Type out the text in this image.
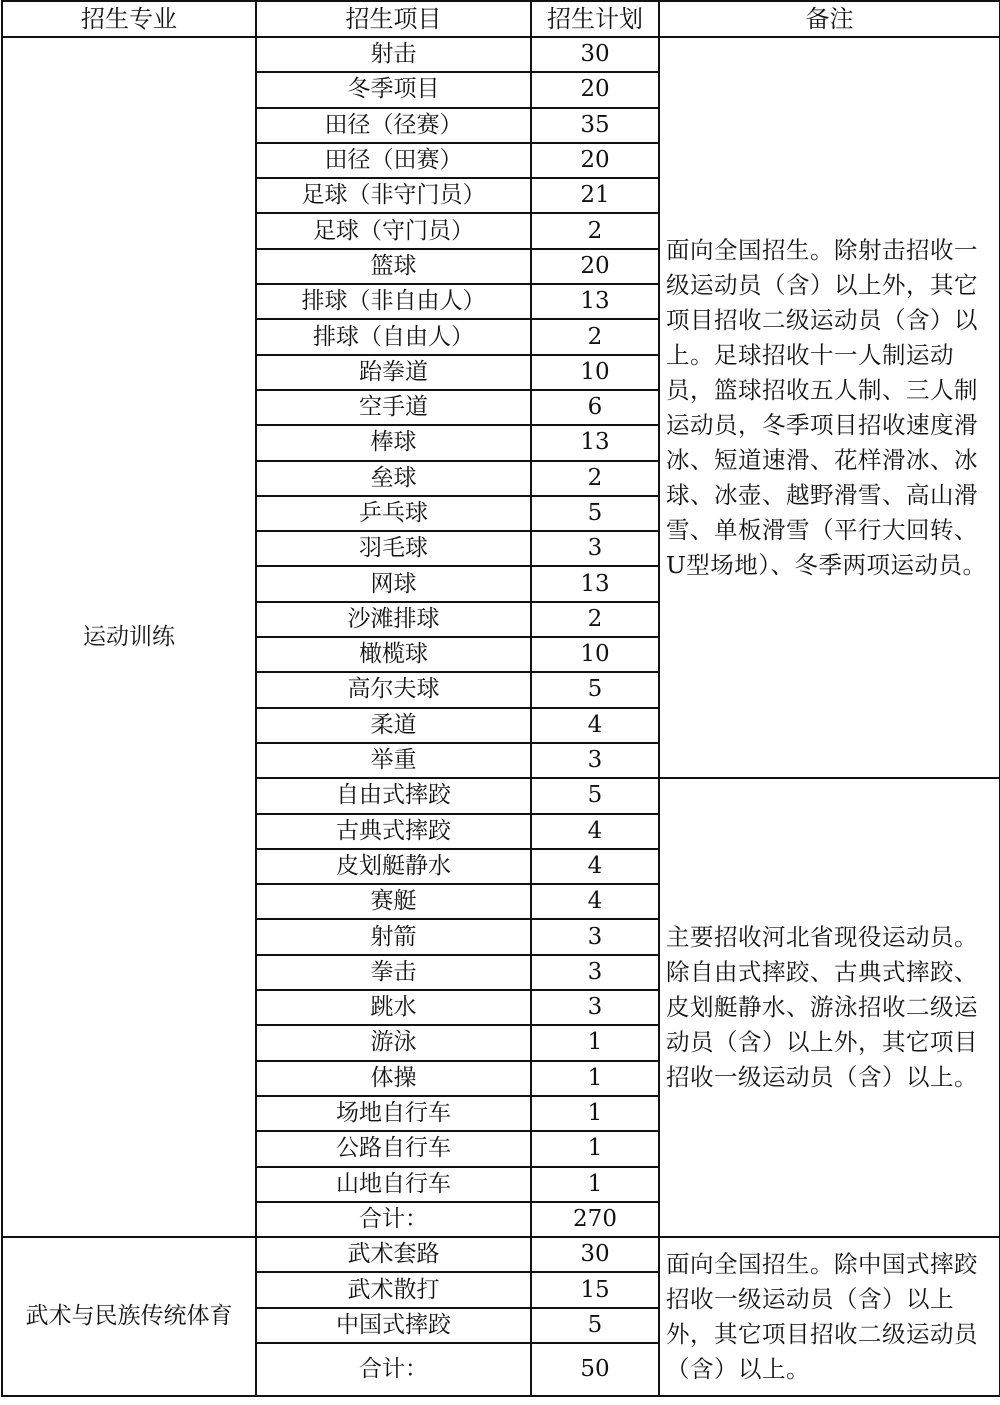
招生专业	招生项目	招生计划	备注
运动训练	射击	30	面向全国招生。除射击招收一级运动员（含）以上外，其它项目招收二级运动员（含）以上。足球招收十一人制运动员，篮球招收五人制、三人制运动员，冬季项目招收速度滑冰、短道速滑、花样滑冰、冰球、冰壶、越野滑雪、高山滑雪、单板滑雪（平行大回转、U型场地）、冬季两项运动员。
	冬季项目	20	
	田径（径赛）	35	
	田径（田赛）	20	
	足球（非守门员）	21	
	足球（守门员）	2	
	篮球	20	
	排球（非自由人）	13	
	排球（自由人）	2	
	跆拳道	10	
	空手道	6	
	棒球	13	
	垒球	2	
	乒乓球	5	
	羽毛球	3	
	网球	13	
	沙滩排球	2	
	橄榄球	10	
	高尔夫球	5	
	柔道	4	
	举重	3	
	自由式摔跤	5	主要招收河北省现役运动员。除自由式摔跤、古典式摔跤、皮划艇静水、游泳招收二级运动员（含）以上外，其它项目招收一级运动员（含）以上。
	古典式摔跤	4	
	皮划艇静水	4	
	赛艇	4	
	射箭	3	
	拳击	3	
	跳水	3	
	游泳	1	
	体操	1	
	场地自行车	1	
	公路自行车	1	
	山地自行车	1	
	合计：	270	
武术与民族传统体育	武术套路	30	面向全国招生。除中国式摔跤招收一级运动员（含）以上外，其它项目招收二级运动员（含）以上。
	武术散打	15	
	中国式摔跤	5	
	合计：	50	
